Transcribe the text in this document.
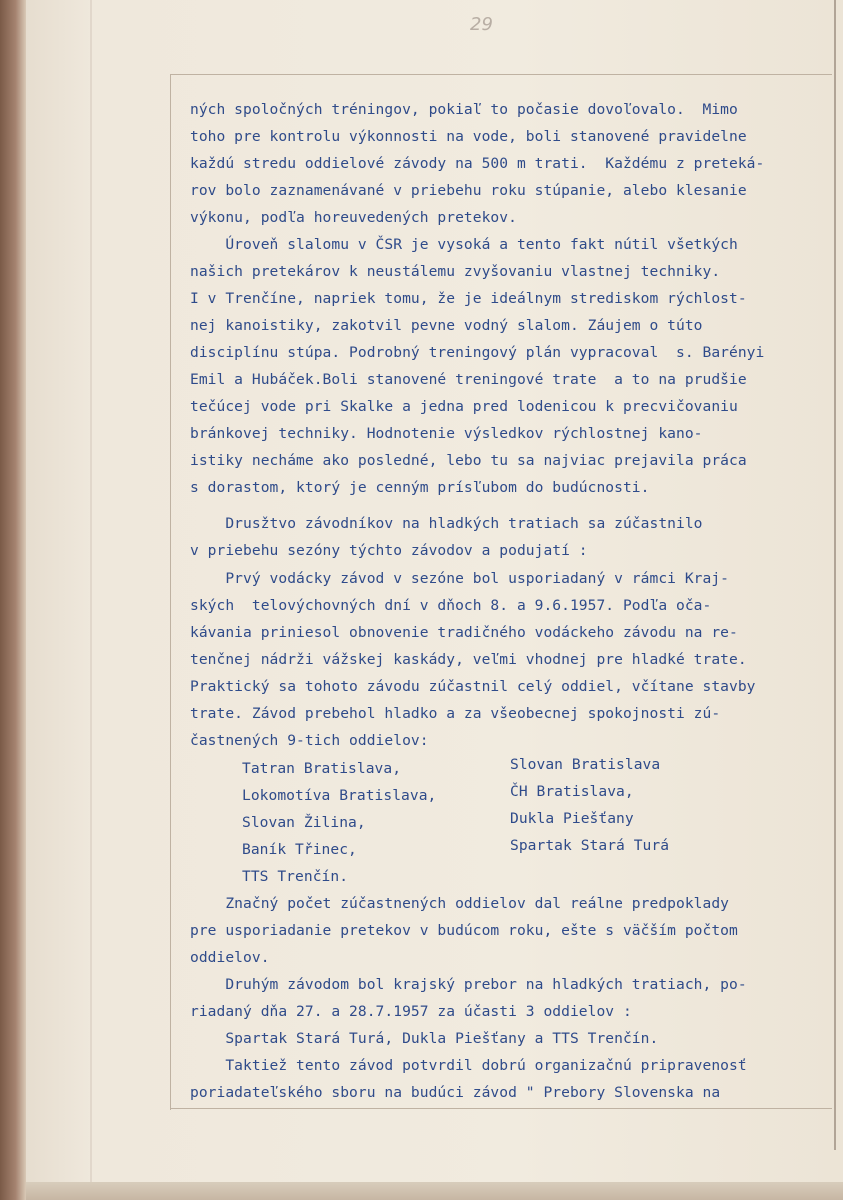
29
ných spoločných tréningov, pokiaľ to počasie dovoľovalo.  Mimo
toho pre kontrolu výkonnosti na vode, boli stanovené pravidelne
každú stredu oddielové závody na 500 m trati.  Každému z preteká-
rov bolo zaznamenávané v priebehu roku stúpanie, alebo klesanie
výkonu, podľa horeuvedených pretekov.
Úroveň slalomu v ČSR je vysoká a tento fakt nútil všetkých
našich pretekárov k neustálemu zvyšovaniu vlastnej techniky.
I v Trenčíne, napriek tomu, že je ideálnym strediskom rýchlost-
nej kanoistiky, zakotvil pevne vodný slalom. Záujem o túto
disciplínu stúpa. Podrobný treningový plán vypracoval  s. Barényi
Emil a Hubáček.Boli stanovené treningové trate  a to na prudšie
tečúcej vode pri Skalke a jedna pred lodenicou k precvičovaniu
bránkovej techniky. Hodnotenie výsledkov rýchlostnej kano-
istiky necháme ako posledné, lebo tu sa najviac prejavila práca
s dorastom, ktorý je cenným prísľubom do budúcnosti.
Drusžtvo závodníkov na hladkých tratiach sa zúčastnilo
v priebehu sezóny týchto závodov a podujatí :
Prvý vodácky závod v sezóne bol usporiadaný v rámci Kraj-
ských  telovýchovných dní v dňoch 8. a 9.6.1957. Podľa oča-
kávania priniesol obnovenie tradičného vodáckeho závodu na re-
tenčnej nádrži vážskej kaskády, veľmi vhodnej pre hladké trate.
Praktický sa tohoto závodu zúčastnil celý oddiel, včítane stavby
trate. Závod prebehol hladko a za všeobecnej spokojnosti zú-
častnených 9-tich oddielov:
Tatran Bratislava,
Lokomotíva Bratislava,
Slovan Žilina,
Baník Třinec,
TTS Trenčín.
Slovan Bratislava
ČH Bratislava,
Dukla Piešťany
Spartak Stará Turá
Značný počet zúčastnených oddielov dal reálne predpoklady
pre usporiadanie pretekov v budúcom roku, ešte s väčším počtom
oddielov.
Druhým závodom bol krajský prebor na hladkých tratiach, po-
riadaný dňa 27. a 28.7.1957 za účasti 3 oddielov :
Spartak Stará Turá, Dukla Piešťany a TTS Trenčín.
Taktiež tento závod potvrdil dobrú organizačnú pripravenosť
poriadateľského sboru na budúci závod " Prebory Slovenska na
